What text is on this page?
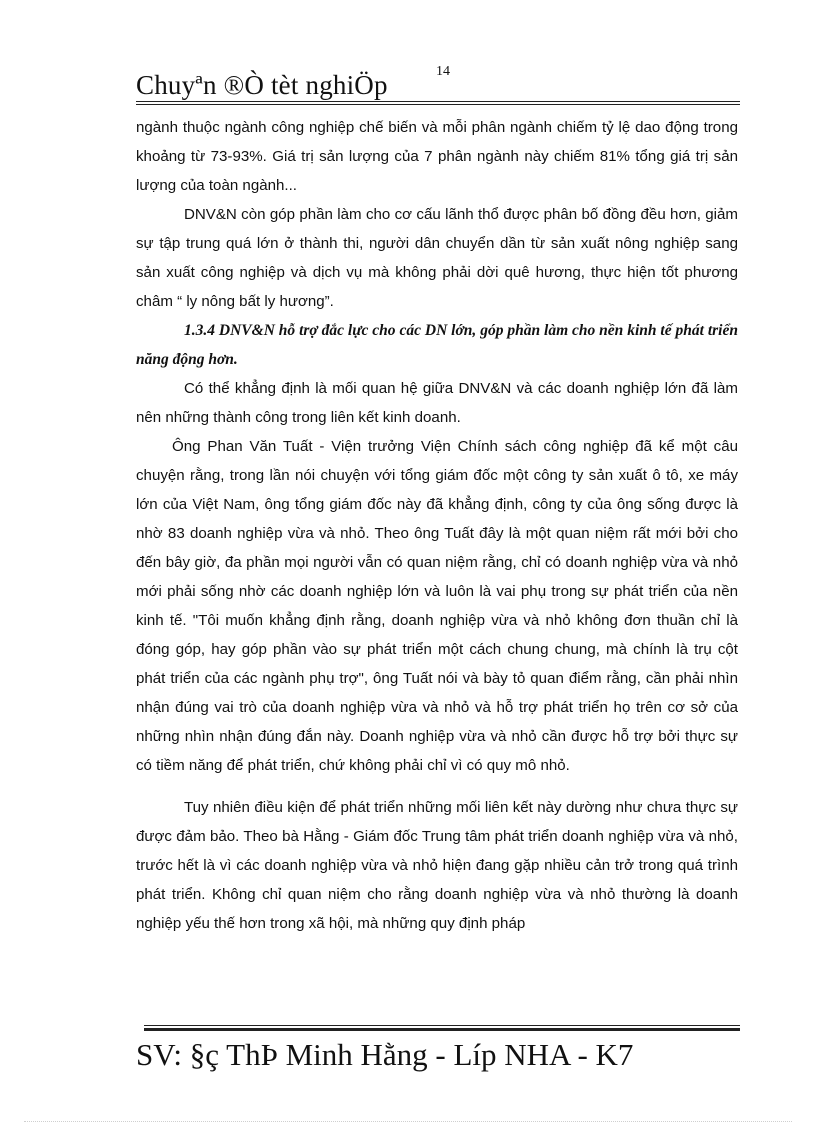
14
Chuyªn ®Ò tèt nghiÖp

ngành thuộc ngành công nghiệp chế biến và mỗi phân ngành chiếm tỷ lệ dao động trong khoảng từ 73-93%. Giá trị sản lượng của 7 phân ngành này chiếm 81% tổng giá trị sản lượng của toàn ngành...

DNV&N còn góp phần làm cho cơ cấu lãnh thổ được phân bố đồng đều hơn, giảm sự tập trung quá lớn ở thành thi, người dân chuyển dần từ sản xuất nông nghiệp sang sản xuất công nghiệp và dịch vụ mà không phải dời quê hương, thực hiện tốt phương châm “ ly nông bất ly hương”.

1.3.4 DNV&N hỗ trợ đắc lực cho các DN lớn, góp phần làm cho nền kinh tế phát triển năng động hơn.

Có thể khẳng định là mối quan hệ giữa DNV&N và các doanh nghiệp lớn đã làm nên những thành công trong liên kết kinh doanh.

Ông Phan Văn Tuất - Viện trưởng Viện Chính sách công nghiệp đã kể một câu chuyện rằng, trong lần nói chuyện với tổng giám đốc một công ty sản xuất ô tô, xe máy lớn của Việt Nam, ông tổng giám đốc này đã khẳng định, công ty của ông sống được là nhờ 83 doanh nghiệp vừa và nhỏ. Theo ông Tuất đây là một quan niệm rất mới bởi cho đến bây giờ, đa phần mọi người vẫn có quan niệm rằng, chỉ có doanh nghiệp vừa và nhỏ mới phải sống nhờ các doanh nghiệp lớn và luôn là vai phụ trong sự phát triển của nền kinh tế. "Tôi muốn khẳng định rằng, doanh nghiệp vừa và nhỏ không đơn thuần chỉ là đóng góp, hay góp phần vào sự phát triển một cách chung chung, mà chính là trụ cột phát triển của các ngành phụ trợ", ông Tuất nói và bày tỏ quan điểm rằng, cần phải nhìn nhận đúng vai trò của doanh nghiệp vừa và nhỏ và hỗ trợ phát triển họ trên cơ sở của những nhìn nhận đúng đắn này. Doanh nghiệp vừa và nhỏ cần được hỗ trợ bởi thực sự có tiềm năng để phát triển, chứ không phải chỉ vì có quy mô nhỏ.

Tuy nhiên điều kiện để phát triển những mối liên kết này dường như chưa thực sự được đảm bảo. Theo bà Hằng - Giám đốc Trung tâm phát triển doanh nghiệp vừa và nhỏ, trước hết là vì các doanh nghiệp vừa và nhỏ hiện đang gặp nhiều cản trở trong quá trình phát triển. Không chỉ quan niệm cho rằng doanh nghiệp vừa và nhỏ thường là doanh nghiệp yếu thế hơn trong xã hội, mà những quy định pháp

SV: §ç ThÞ Minh Hằng - Líp NHA - K7
